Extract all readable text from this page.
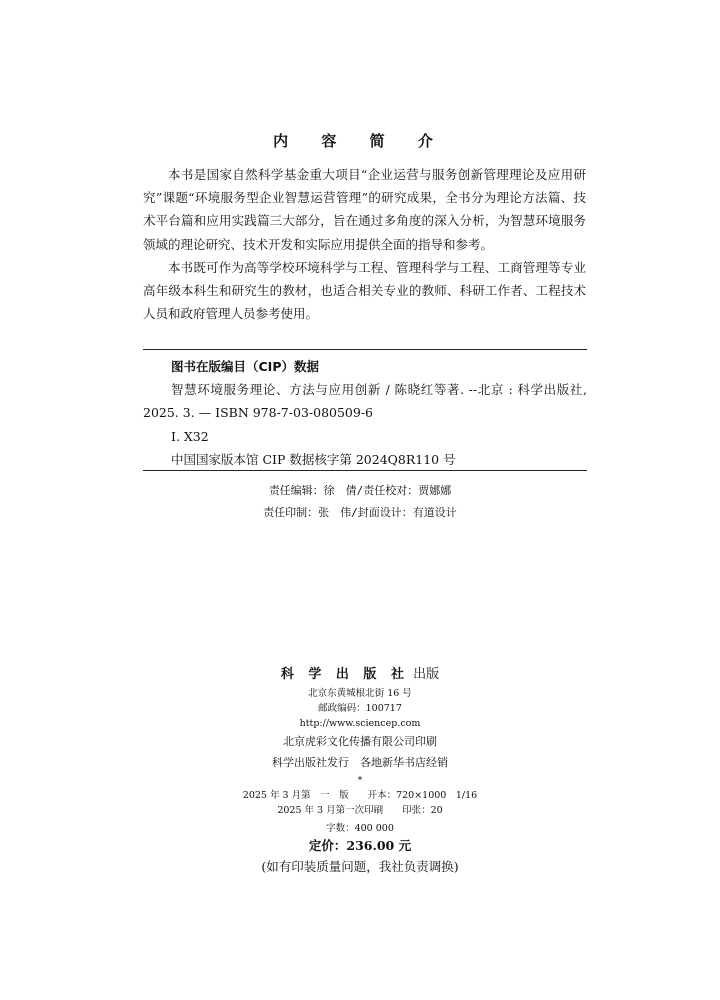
内 容 简 介

本书是国家自然科学基金重大项目“企业运营与服务创新管理理论及应用研究”课题“环境服务型企业智慧运营管理”的研究成果，全书分为理论方法篇、技术平台篇和应用实践篇三大部分，旨在通过多角度的深入分析，为智慧环境服务领域的理论研究、技术开发和实际应用提供全面的指导和参考。

本书既可作为高等学校环境科学与工程、管理科学与工程、工商管理等专业高年级本科生和研究生的教材，也适合相关专业的教师、科研工作者、工程技术人员和政府管理人员参考使用。

图书在版编目（CIP）数据

智慧环境服务理论、方法与应用创新 / 陈晓红等著. --北京 : 科学出版社, 2025. 3. — ISBN 978-7-03-080509-6

Ⅰ. X32

中国国家版本馆 CIP 数据核字第 2024Q8R110 号

责任编辑：徐　倩/责任校对：贾娜娜
责任印制：张　伟/封面设计：有道设计
科 学 出 版 社 出版
北京东黄城根北街 16 号
邮政编码：100717
http://www.sciencep.com
北京虎彩文化传播有限公司印刷
科学出版社发行　各地新华书店经销
*
2025 年 3 月第　一　版　　开本：720×1000　1/16
2025 年 3 月第一次印刷　　印张：20
字数：400 000
定价：236.00 元
(如有印装质量问题，我社负责调换)
